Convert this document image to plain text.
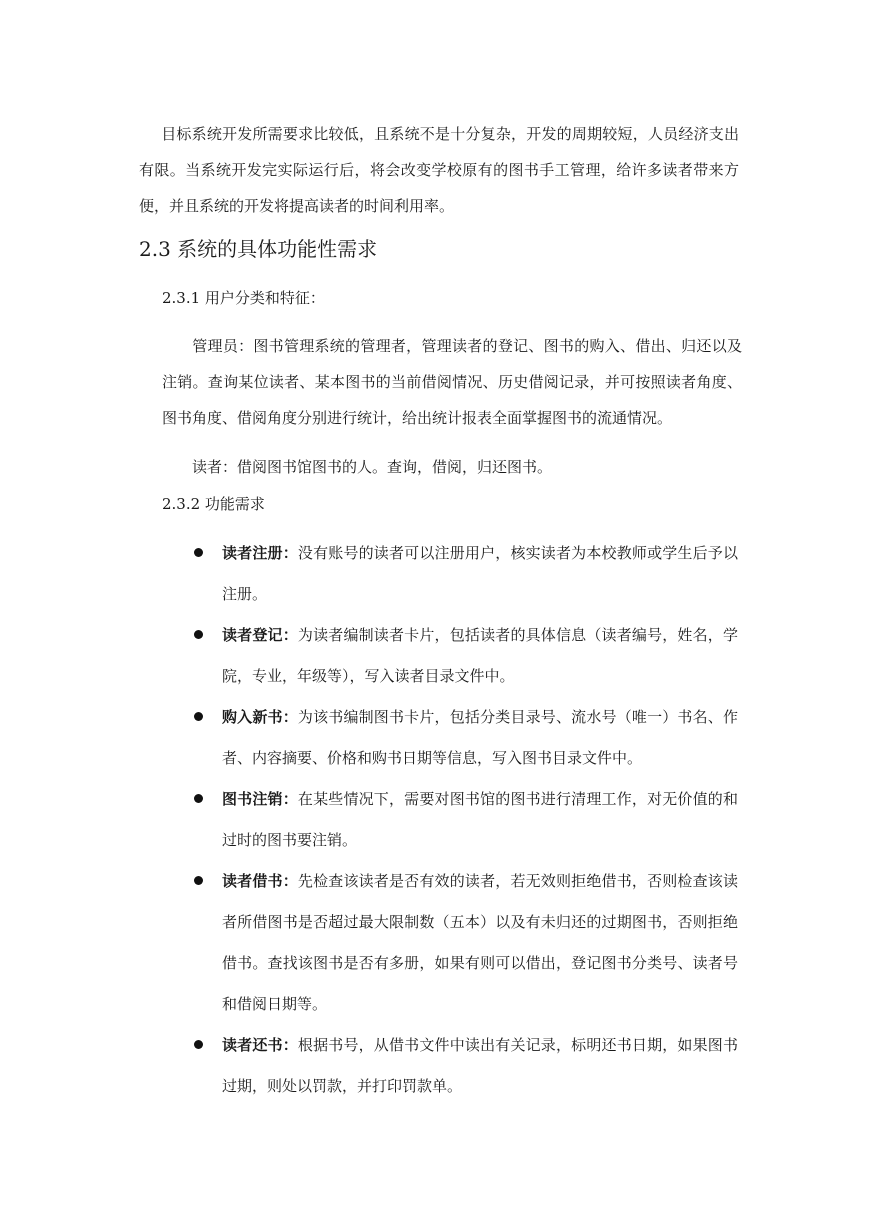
目标系统开发所需要求比较低，且系统不是十分复杂，开发的周期较短，人员经济支出有限。当系统开发完实际运行后，将会改变学校原有的图书手工管理，给许多读者带来方便，并且系统的开发将提高读者的时间利用率。

2.3 系统的具体功能性需求
2.3.1 用户分类和特征：

管理员：图书管理系统的管理者，管理读者的登记、图书的购入、借出、归还以及注销。查询某位读者、某本图书的当前借阅情况、历史借阅记录，并可按照读者角度、图书角度、借阅角度分别进行统计，给出统计报表全面掌握图书的流通情况。

读者：借阅图书馆图书的人。查询，借阅，归还图书。

2.3.2 功能需求

读者注册：没有账号的读者可以注册用户，核实读者为本校教师或学生后予以注册。

读者登记：为读者编制读者卡片，包括读者的具体信息（读者编号，姓名，学院，专业，年级等），写入读者目录文件中。

购入新书：为该书编制图书卡片，包括分类目录号、流水号（唯一）书名、作者、内容摘要、价格和购书日期等信息，写入图书目录文件中。

图书注销：在某些情况下，需要对图书馆的图书进行清理工作，对无价值的和过时的图书要注销。

读者借书：先检查该读者是否有效的读者，若无效则拒绝借书，否则检查该读者所借图书是否超过最大限制数（五本）以及有未归还的过期图书，否则拒绝借书。查找该图书是否有多册，如果有则可以借出，登记图书分类号、读者号和借阅日期等。

读者还书：根据书号，从借书文件中读出有关记录，标明还书日期，如果图书过期，则处以罚款，并打印罚款单。
